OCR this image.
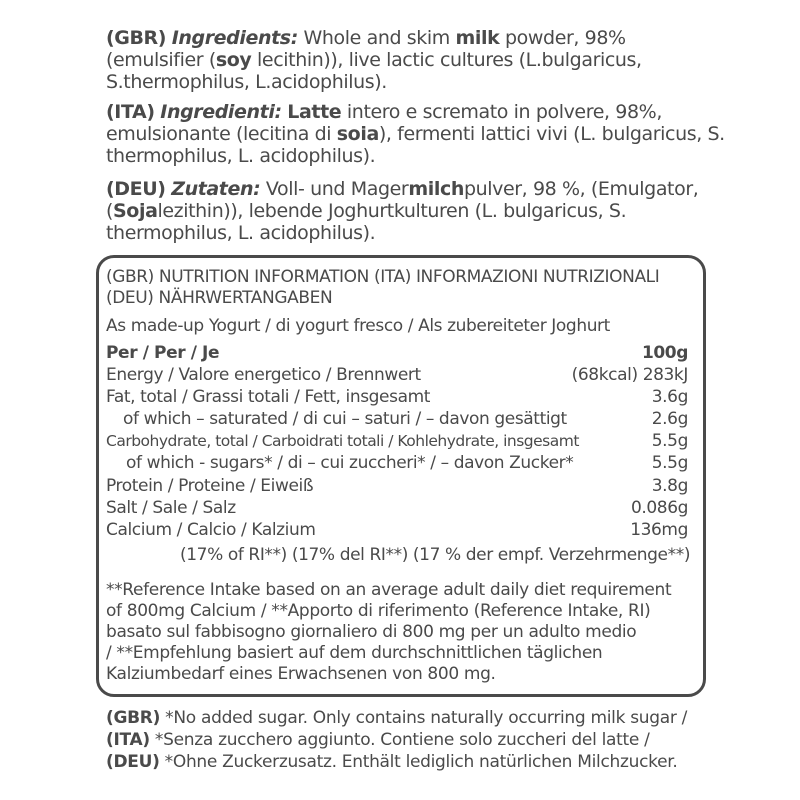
(GBR) Ingredients: Whole and skim milk powder, 98% (emulsifier (soy lecithin)), live lactic cultures (L.bulgaricus, S.thermophilus, L.acidophilus).
(ITA) Ingredienti: Latte intero e scremato in polvere, 98%, emulsionante (lecitina di soia), fermenti lattici vivi (L. bulgaricus, S. thermophilus, L. acidophilus).
(DEU) Zutaten: Voll- und Magermilchpulver, 98 %, (Emulgator, (Sojalezithin)), lebende Joghurtkulturen (L. bulgaricus, S. thermophilus, L. acidophilus).
(GBR) NUTRITION INFORMATION (ITA) INFORMAZIONI NUTRIZIONALI
(DEU) NÄHRWERTANGABEN
As made-up Yogurt / di yogurt fresco / Als zubereiteter Joghurt
Per / Per / Je	100g
Energy / Valore energetico / Brennwert	(68kcal) 283kJ
Fat, total / Grassi totali / Fett, insgesamt	3.6g
of which – saturated / di cui – saturi / – davon gesättigt	2.6g
Carbohydrate, total / Carboidrati totali / Kohlehydrate, insgesamt	5.5g
of which - sugars* / di – cui zuccheri* / – davon Zucker*	5.5g
Protein / Proteine / Eiweiß	3.8g
Salt / Sale / Salz	0.086g
Calcium / Calcio / Kalzium	136mg
(17% of RI**) (17% del RI**) (17 % der empf. Verzehrmenge**)
**Reference Intake based on an average adult daily diet requirement
of 800mg Calcium / **Apporto di riferimento (Reference Intake, RI)
basato sul fabbisogno giornaliero di 800 mg per un adulto medio
/ **Empfehlung basiert auf dem durchschnittlichen täglichen
Kalziumbedarf eines Erwachsenen von 800 mg.
(GBR) *No added sugar. Only contains naturally occurring milk sugar /
(ITA) *Senza zucchero aggiunto. Contiene solo zuccheri del latte /
(DEU) *Ohne Zuckerzusatz. Enthält lediglich natürlichen Milchzucker.
